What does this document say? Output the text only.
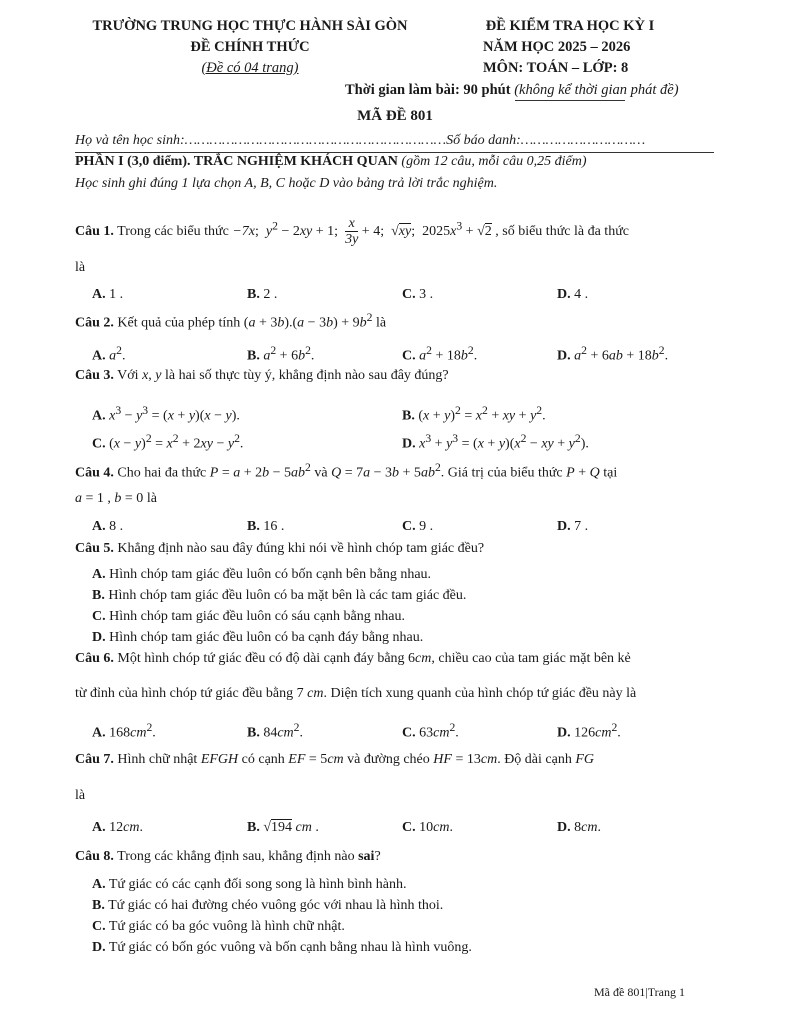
TRƯỜNG TRUNG HỌC THỰC HÀNH SÀI GÒN
ĐỀ CHÍNH THỨC
(Đề có 04 trang)
ĐỀ KIỂM TRA HỌC KỲ I
NĂM HỌC 2025 – 2026
MÔN: TOÁN – LỚP: 8
Thời gian làm bài: 90 phút (không kể thời gian phát đề)
MÃ ĐỀ 801
Họ và tên học sinh:………………………………………………………Số báo danh:…………………………
PHẦN I (3,0 điểm). TRẮC NGHIỆM KHÁCH QUAN (gồm 12 câu, mỗi câu 0,25 điểm)
Học sinh ghi đúng 1 lựa chọn A, B, C hoặc D vào bảng trả lời trắc nghiệm.
Câu 1. Trong các biểu thức −7x;  $y^2 - 2xy + 1$; $\frac{x}{3y} + 4$;  √xy;  $2025x^3 + √2$ , số biểu thức là đa thức
là
A. 1 .	B. 2 .	C. 3 .	D. 4 .
Câu 2. Kết quả của phép tính $(a + 3b).(a - 3b) + 9b^2$ là
A. $a^2$.	B. $a^2 + 6b^2$.	C. $a^2 + 18b^2$.	D. $a^2 + 6ab + 18b^2$.
Câu 3. Với x, y là hai số thực tùy ý, khẳng định nào sau đây đúng?
A. $x^3 - y^3 = (x + y)(x - y)$.	B. $(x + y)^2 = x^2$ + xy + $y^2$.
C. $(x - y)^2 = x^2 + 2xy - y^2$.	D. $x^3 + y^3 = (x + y)(x^2$ − xy + $y^2$).
Câu 4. Cho hai đa thức $P = a + 2b - 5ab^2$ và $Q = 7a - 3b + 5ab^2$. Giá trị của biểu thức P + Q tại
a = 1 , b = 0 là
A. 8 .	B. 16 .	C. 9 .	D. 7 .
Câu 5. Khẳng định nào sau đây đúng khi nói về hình chóp tam giác đều?
A. Hình chóp tam giác đều luôn có bốn cạnh bên bằng nhau.
B. Hình chóp tam giác đều luôn có ba mặt bên là các tam giác đều.
C. Hình chóp tam giác đều luôn có sáu cạnh bằng nhau.
D. Hình chóp tam giác đều luôn có ba cạnh đáy bằng nhau.
Câu 6. Một hình chóp tứ giác đều có độ dài cạnh đáy bằng 6cm, chiều cao của tam giác mặt bên kẻ
từ đỉnh của hình chóp tứ giác đều bằng 7 cm. Diện tích xung quanh của hình chóp tứ giác đều này là
A. $168cm^2$.	B. $84cm^2$.	C. $63cm^2$.	D. $126cm^2$.
Câu 7. Hình chữ nhật EFGH có cạnh EF = 5cm và đường chéo HF = 13cm. Độ dài cạnh FG
là
A. 12cm.	B. √194 cm .	C. 10cm.	D. 8cm.
Câu 8. Trong các khẳng định sau, khẳng định nào sai?
A. Tứ giác có các cạnh đối song song là hình bình hành.
B. Tứ giác có hai đường chéo vuông góc với nhau là hình thoi.
C. Tứ giác có ba góc vuông là hình chữ nhật.
D. Tứ giác có bốn góc vuông và bốn cạnh bằng nhau là hình vuông.
Mã đề 801|Trang 1
